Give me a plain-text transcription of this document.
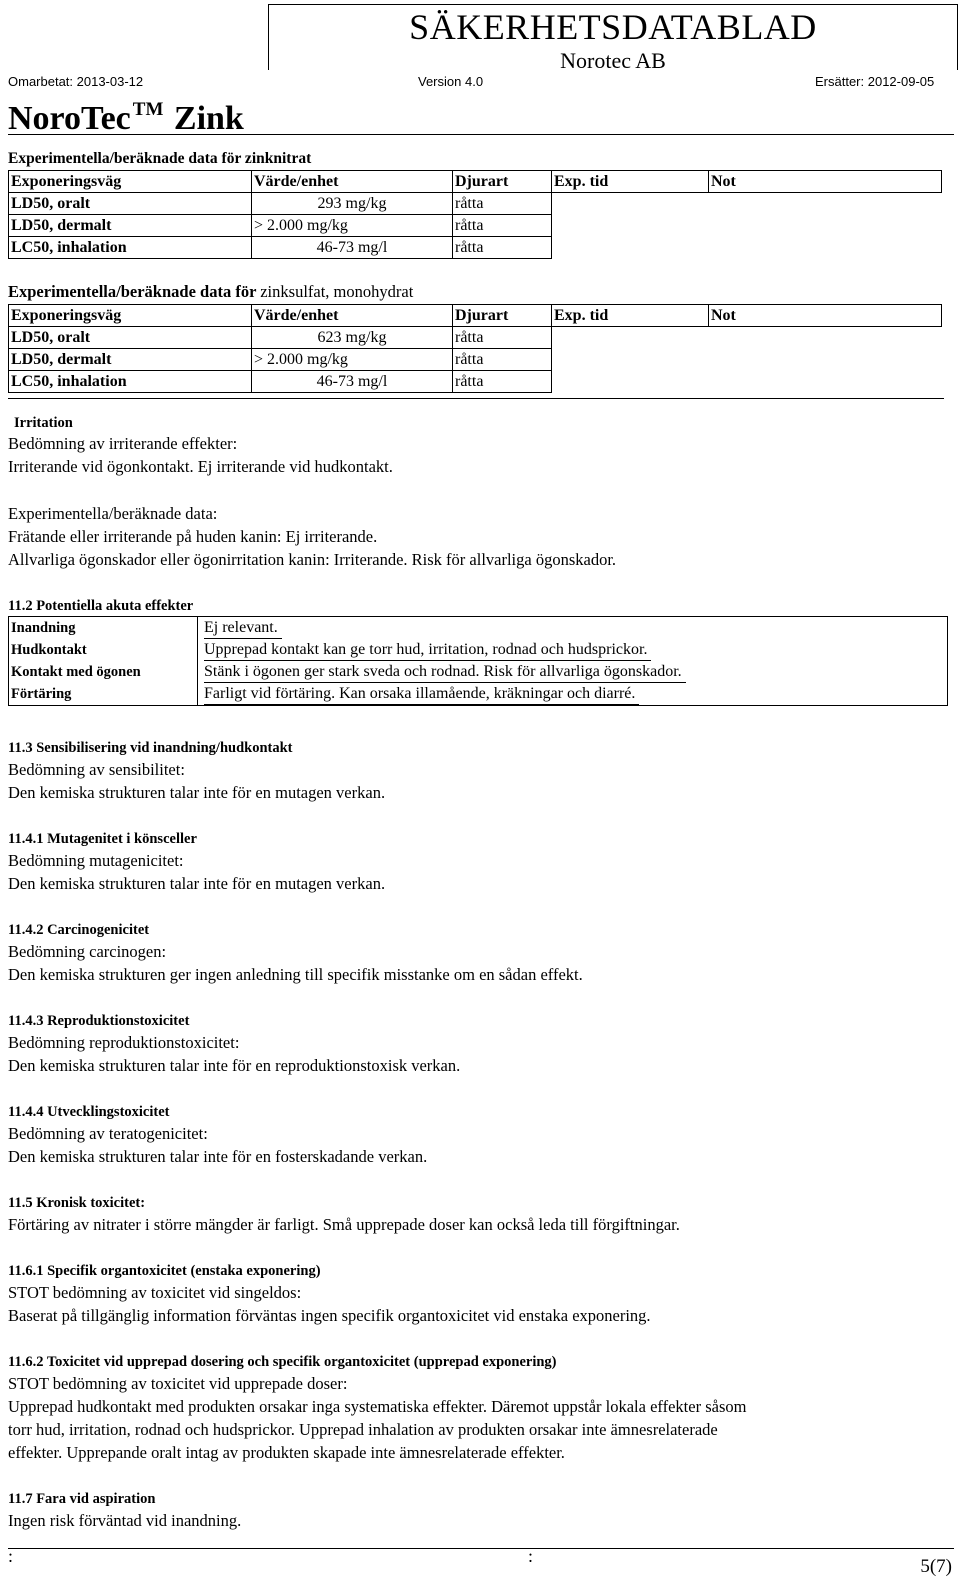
SÄKERHETSDATABLAD
Norotec AB
Omarbetat: 2013-03-12	Version 4.0	Ersätter: 2012-09-05
NoroTec ™ Zink
Experimentella/beräknade data för zinknitrat
Exponeringsväg	Värde/enhet	Djurart	Exp. tid	Not
LD50, oralt	293 mg/kg	råtta		
LD50, dermalt	> 2.000 mg/kg	råtta		
LC50, inhalation	46-73 mg/l	råtta		
Experimentella/beräknade data för zinksulfat, monohydrat
Exponeringsväg	Värde/enhet	Djurart	Exp. tid	Not
LD50, oralt	623 mg/kg	råtta		
LD50, dermalt	> 2.000 mg/kg	råtta		
LC50, inhalation	46-73 mg/l	råtta		
Irritation
Bedömning av irriterande effekter:
Irriterande vid ögonkontakt. Ej irriterande vid hudkontakt.
Experimentella/beräknade data:
Frätande eller irriterande på huden kanin: Ej irriterande.
Allvarliga ögonskador eller ögonirritation kanin: Irriterande. Risk för allvarliga ögonskador.
11.2 Potentiella akuta effekter
Inandning	Ej relevant.
Hudkontakt	Upprepad kontakt kan ge torr hud, irritation, rodnad och hudsprickor.
Kontakt med ögonen	Stänk i ögonen ger stark sveda och rodnad. Risk för allvarliga ögonskador.
Förtäring	Farligt vid förtäring. Kan orsaka illamående, kräkningar och diarré.
11.3 Sensibilisering vid inandning/hudkontakt
Bedömning av sensibilitet:
Den kemiska strukturen talar inte för en mutagen verkan.
11.4.1 Mutagenitet i könsceller
Bedömning mutagenicitet:
Den kemiska strukturen talar inte för en mutagen verkan.
11.4.2 Carcinogenicitet
Bedömning carcinogen:
Den kemiska strukturen ger ingen anledning till specifik misstanke om en sådan effekt.
11.4.3 Reproduktionstoxicitet
Bedömning reproduktionstoxicitet:
Den kemiska strukturen talar inte för en reproduktionstoxisk verkan.
11.4.4 Utvecklingstoxicitet
Bedömning av teratogenicitet:
Den kemiska strukturen talar inte för en fosterskadande verkan.
11.5 Kronisk toxicitet:
Förtäring av nitrater i större mängder är farligt. Små upprepade doser kan också leda till förgiftningar.
11.6.1 Specifik organtoxicitet (enstaka exponering)
STOT bedömning av toxicitet vid singeldos:
Baserat på tillgänglig information förväntas ingen specifik organtoxicitet vid enstaka exponering.
11.6.2 Toxicitet vid upprepad dosering och specifik organtoxicitet (upprepad exponering)
STOT bedömning av toxicitet vid upprepade doser:
Upprepad hudkontakt med produkten orsakar inga systematiska effekter. Däremot uppstår lokala effekter såsom
torr hud, irritation, rodnad och hudsprickor. Upprepad inhalation av produkten orsakar inte ämnesrelaterade
effekter. Upprepande oralt intag av produkten skapade inte ämnesrelaterade effekter.
11.7 Fara vid aspiration
Ingen risk förväntad vid inandning.
:	:	5(7)
